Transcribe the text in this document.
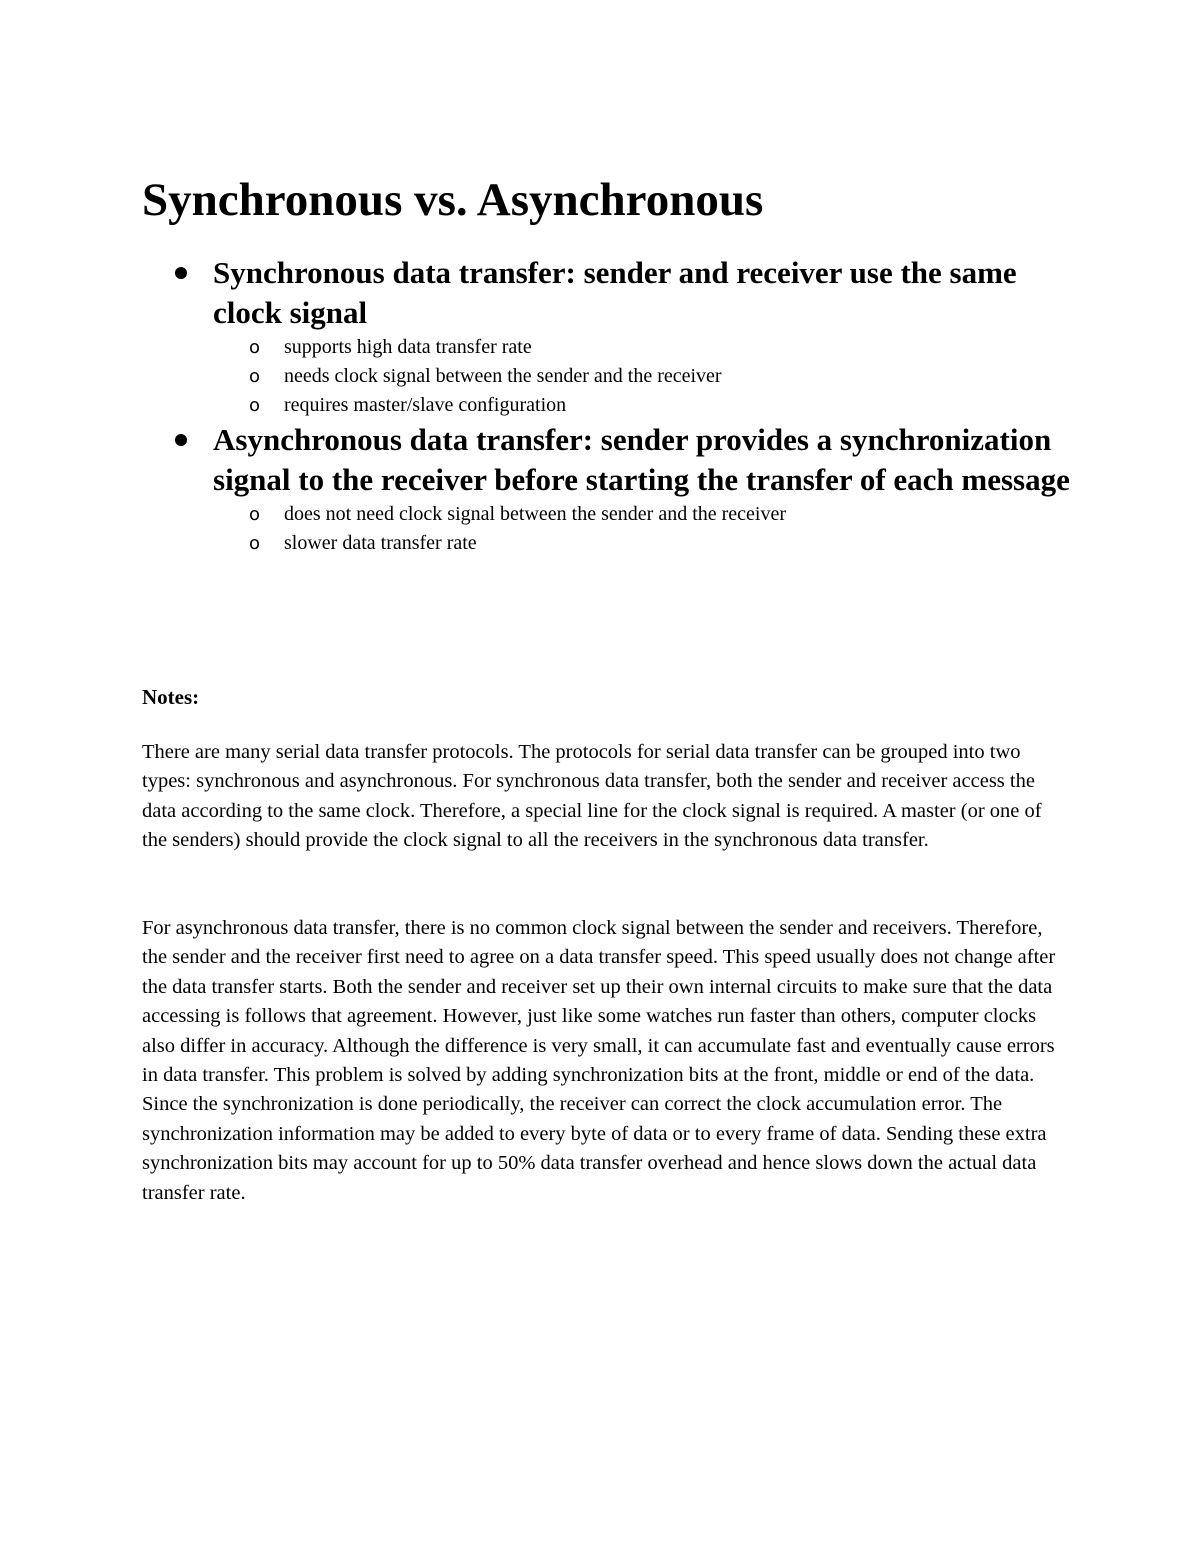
Synchronous vs. Asynchronous
Synchronous data transfer: sender and receiver use the same clock signal
o supports high data transfer rate
o needs clock signal between the sender and the receiver
o requires master/slave configuration
Asynchronous data transfer: sender provides a synchronization signal to the receiver before starting the transfer of each message
o does not need clock signal between the sender and the receiver
o slower data transfer rate

Notes:

There are many serial data transfer protocols. The protocols for serial data transfer can be grouped into two types: synchronous and asynchronous. For synchronous data transfer, both the sender and receiver access the data according to the same clock. Therefore, a special line for the clock signal is required. A master (or one of the senders) should provide the clock signal to all the receivers in the synchronous data transfer.

For asynchronous data transfer, there is no common clock signal between the sender and receivers. Therefore, the sender and the receiver first need to agree on a data transfer speed. This speed usually does not change after the data transfer starts. Both the sender and receiver set up their own internal circuits to make sure that the data accessing is follows that agreement. However, just like some watches run faster than others, computer clocks also differ in accuracy. Although the difference is very small, it can accumulate fast and eventually cause errors in data transfer. This problem is solved by adding synchronization bits at the front, middle or end of the data. Since the synchronization is done periodically, the receiver can correct the clock accumulation error. The synchronization information may be added to every byte of data or to every frame of data. Sending these extra synchronization bits may account for up to 50% data transfer overhead and hence slows down the actual data transfer rate.
